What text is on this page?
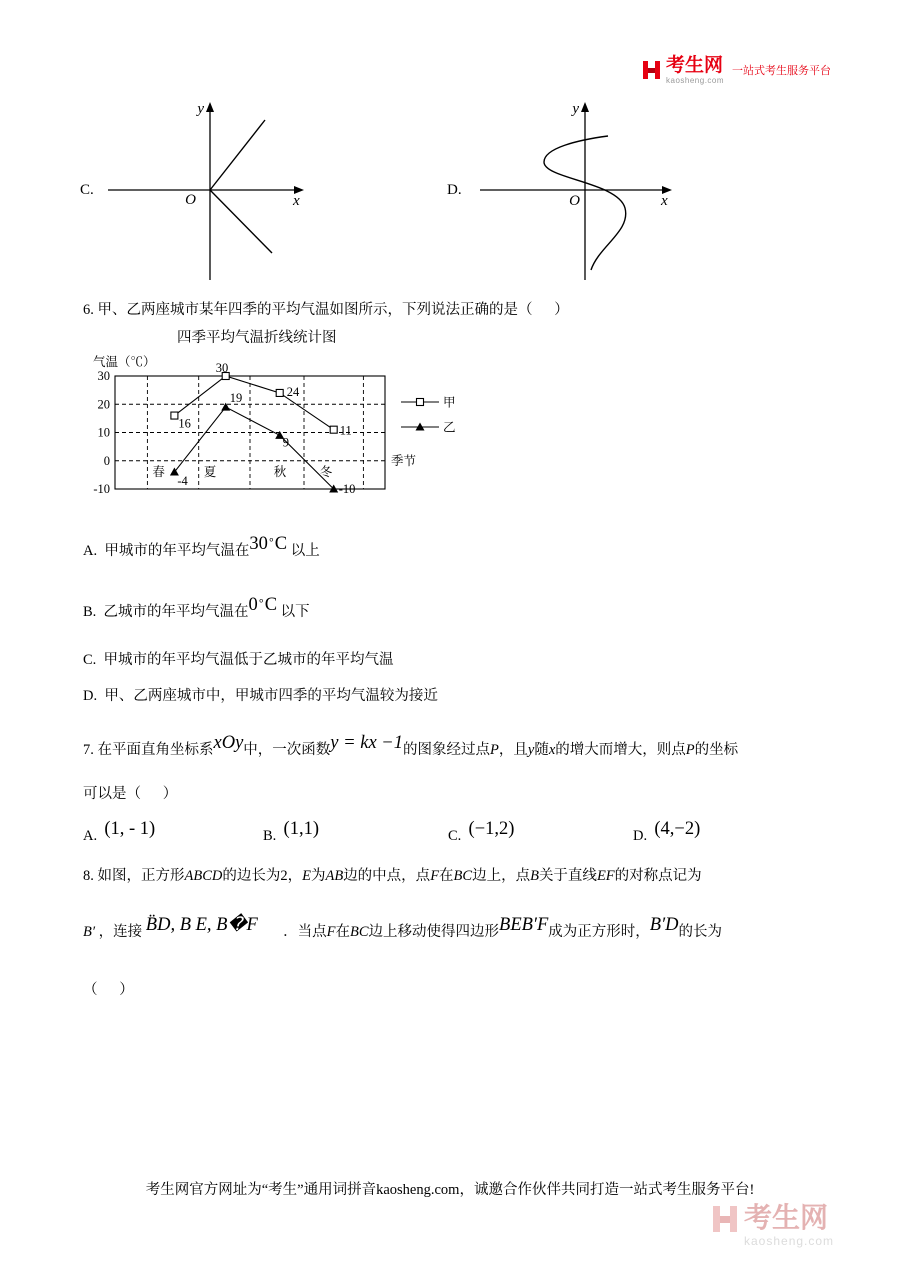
考生网
kaosheng.com
一站式考生服务平台
C.
y
x
O
D.
y
x
O
6. 甲、乙两座城市某年四季的平均气温如图所示，下列说法正确的是（      ）
四季平均气温折线统计图
气温（℃）
30
20
10
0
-10
季节
春	夏	秋	冬
16
30
24
11
-4
19
9
-10
甲
乙
A.  甲城市的年平均气温在30∘C 以上
B.  乙城市的年平均气温在0∘C 以下
C.  甲城市的年平均气温低于乙城市的年平均气温
D.  甲、乙两座城市中，甲城市四季的平均气温较为接近
7. 在平面直角坐标系xOy中，一次函数y = kx −1的图象经过点P，且y随x的增大而增大，则点P的坐标
可以是（      ）
A.  (1, - 1)	B.  (1,1)	C.  (−1,2)	D.  (4,−2)
8. 如图，正方形ABCD的边长为2，E为AB边的中点，点F在BC边上，点B关于直线EF的对称点记为
B′ ，连接 B̈D, B E, B�F       ．当点F在BC边上移动使得四边形BEB′F成为正方形时，B′D的长为
（      ）
考生网官方网址为“考生”通用词拼音kaosheng.com，诚邀合作伙伴共同打造一站式考生服务平台!
考生网
kaosheng.com
